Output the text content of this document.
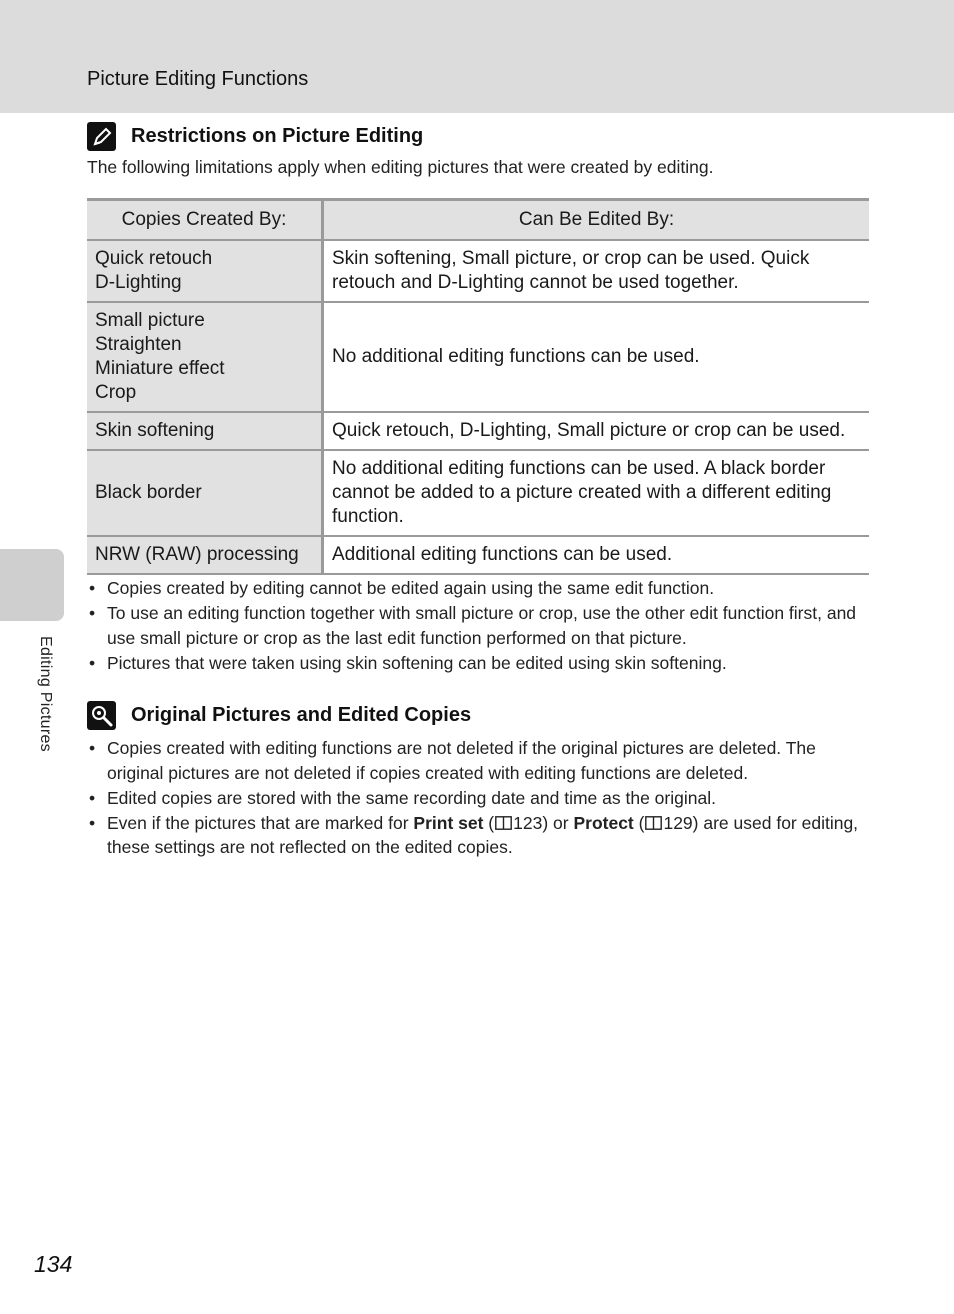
Picture Editing Functions
Editing Pictures
Restrictions on Picture Editing
The following limitations apply when editing pictures that were created by editing.
Copies Created By:	Can Be Edited By:

Quick retouch
D-Lighting	Skin softening, Small picture, or crop can be used. Quick retouch and D-Lighting cannot be used together.

Small picture
Straighten
Miniature effect
Crop	No additional editing functions can be used.
Skin softening	Quick retouch, D-Lighting, Small picture or crop can be used.
Black border	No additional editing functions can be used. A black border cannot be added to a picture created with a different editing function.
NRW (RAW) processing	Additional editing functions can be used.
• Copies created by editing cannot be edited again using the same edit function.
• To use an editing function together with small picture or crop, use the other edit function first, and use small picture or crop as the last edit function performed on that picture.
• Pictures that were taken using skin softening can be edited using skin softening.
Original Pictures and Edited Copies
• Copies created with editing functions are not deleted if the original pictures are deleted. The original pictures are not deleted if copies created with editing functions are deleted.
• Edited copies are stored with the same recording date and time as the original.
• Even if the pictures that are marked for Print set ( 123) or Protect ( 129) are used for editing, these settings are not reflected on the edited copies.
134
